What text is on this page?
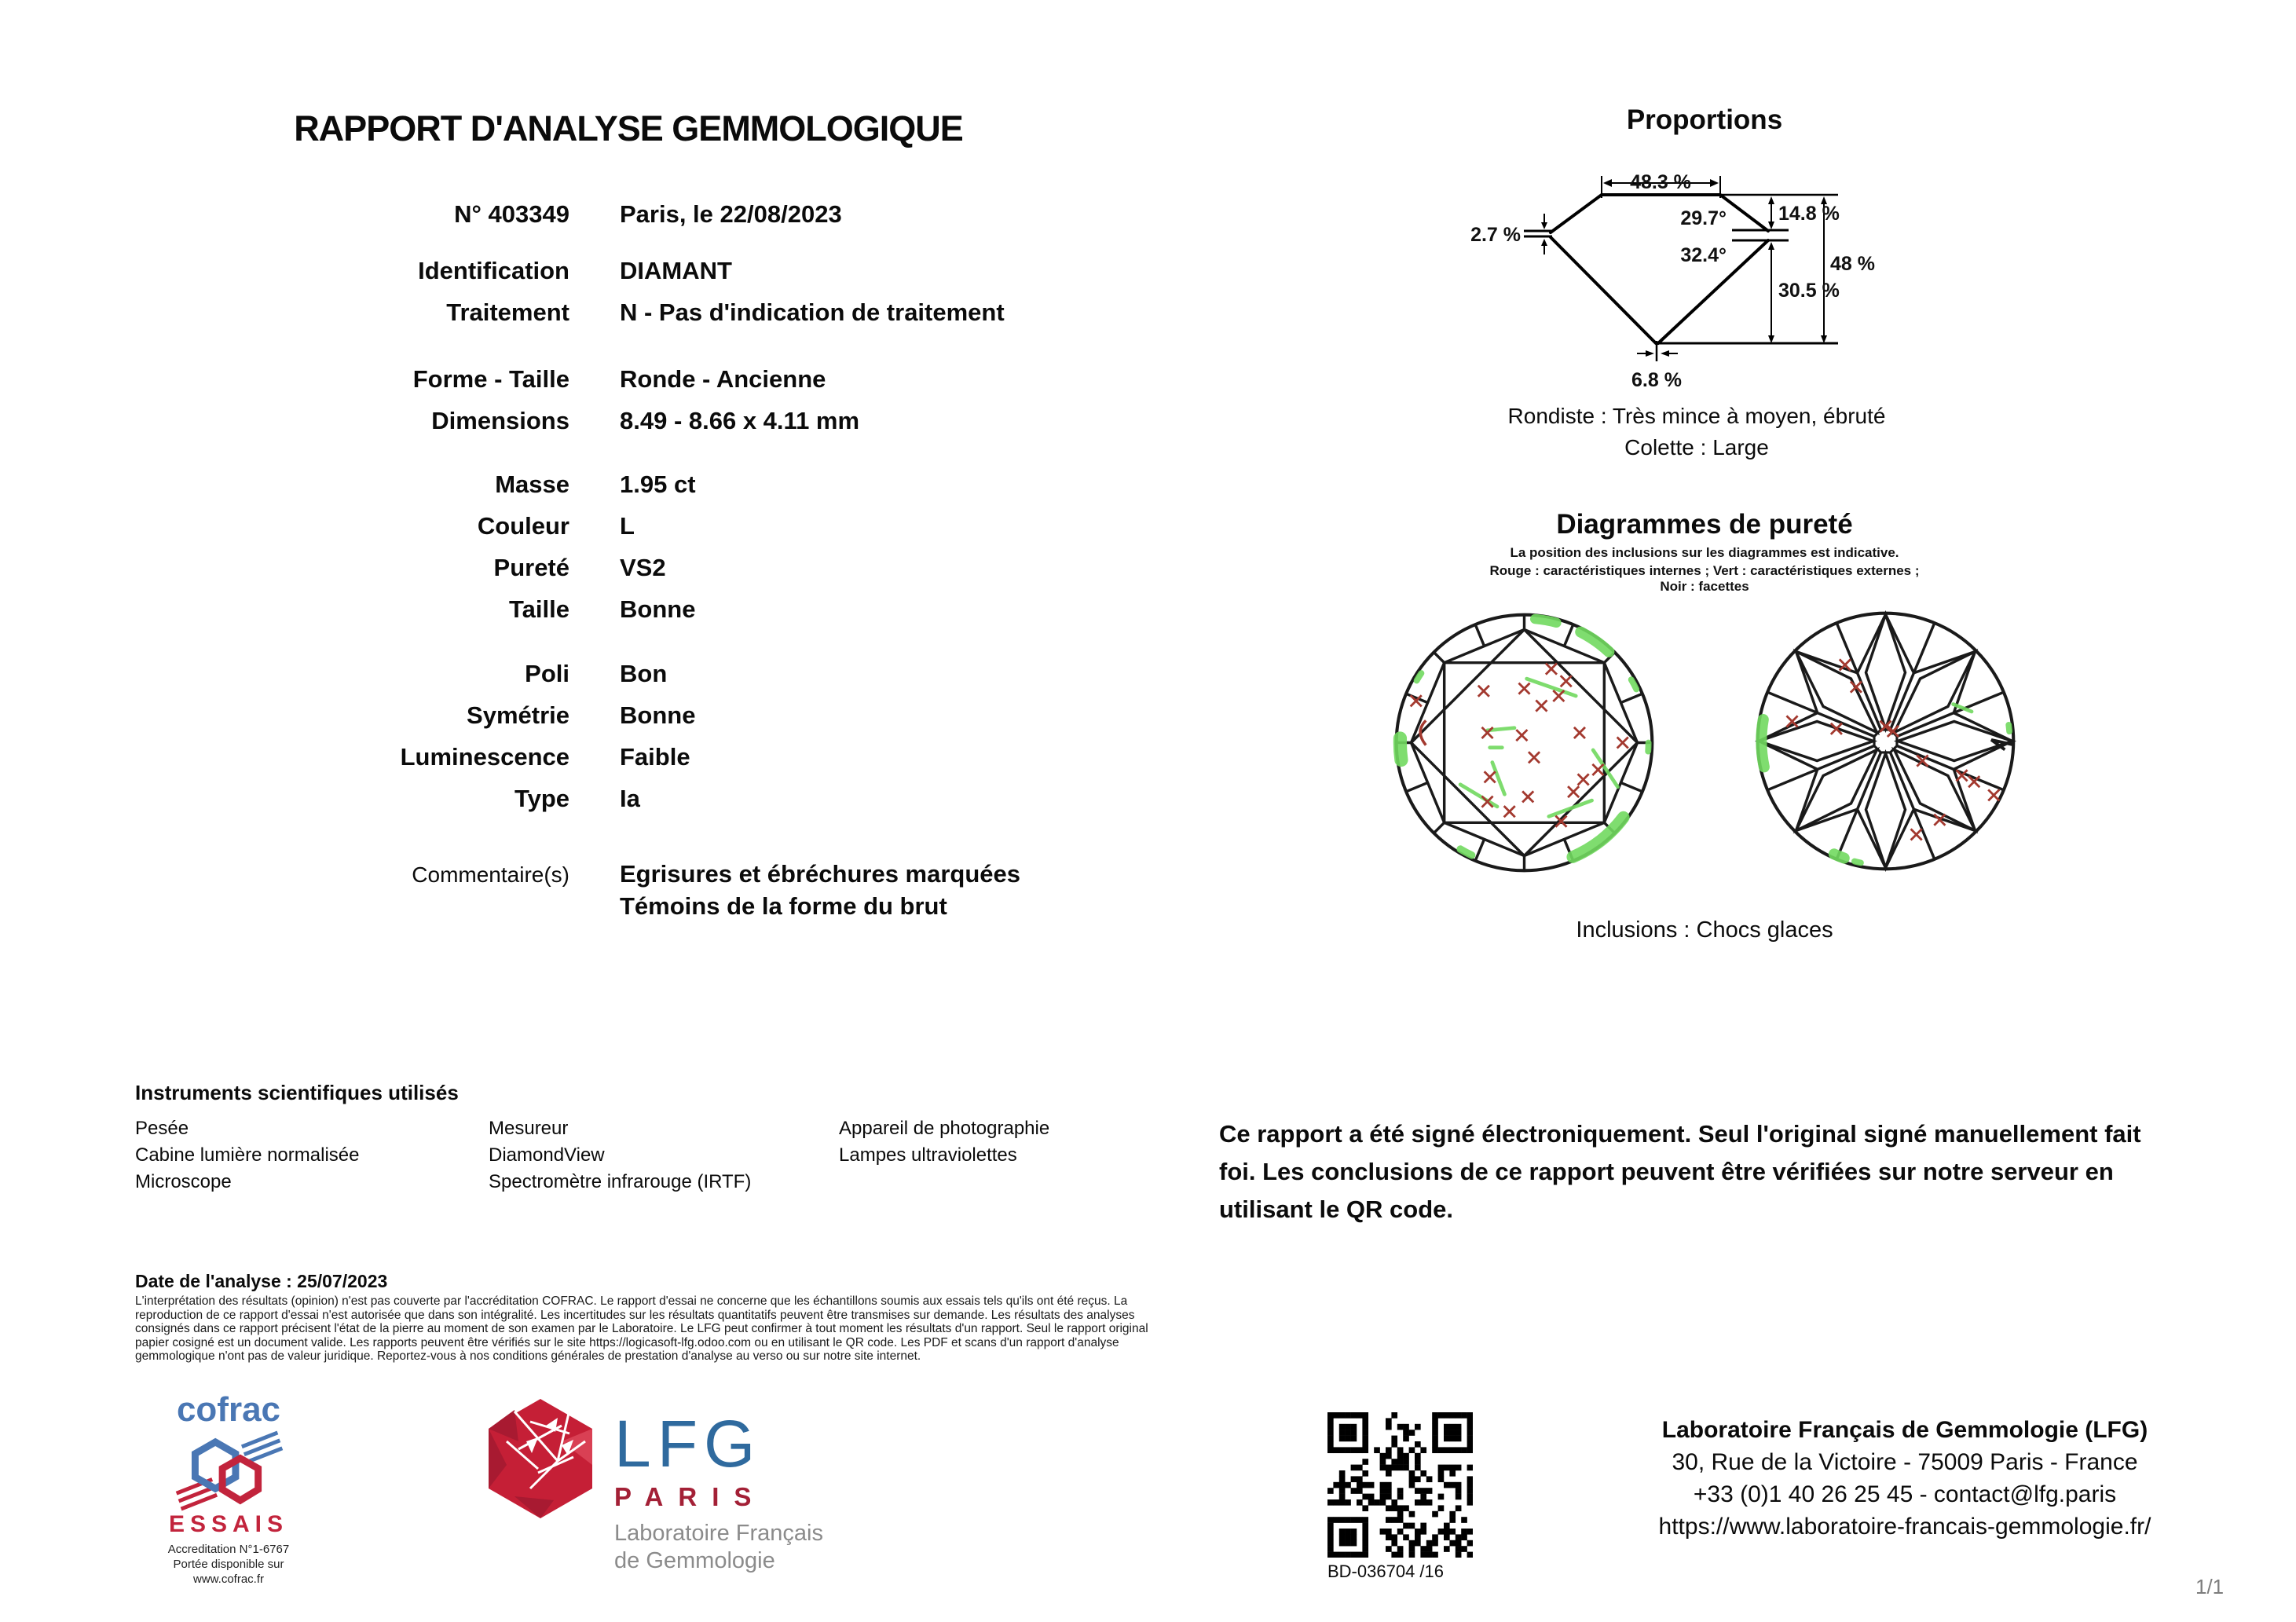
RAPPORT D'ANALYSE GEMMOLOGIQUE
N° 403349 Paris, le 22/08/2023
Identification DIAMANT
Traitement N - Pas d'indication de traitement
Forme - Taille Ronde - Ancienne
Dimensions 8.49 - 8.66 x 4.11 mm
Masse 1.95 ct
Couleur L
Pureté VS2
Taille Bonne
Poli Bon
Symétrie Bonne
Luminescence Faible
Type Ia
Commentaire(s) Egrisures et ébréchures marquées
Témoins de la forme du brut
Proportions
48.3 %
2.7 %
29.7°
32.4°
14.8 %
30.5 %
48 %
6.8 %
Rondiste : Très mince à moyen, ébruté
Colette : Large
Diagrammes de pureté
La position des inclusions sur les diagrammes est indicative.
Rouge : caractéristiques internes ; Vert : caractéristiques externes ; Noir : facettes
Inclusions : Chocs glaces
Instruments scientifiques utilisés
Pesée
Cabine lumière normalisée
Microscope
Mesureur
DiamondView
Spectromètre infrarouge (IRTF)
Appareil de photographie
Lampes ultraviolettes
Ce rapport a été signé électroniquement. Seul l'original signé manuellement fait foi. Les conclusions de ce rapport peuvent être vérifiées sur notre serveur en utilisant le QR code.
Date de l'analyse : 25/07/2023
L'interprétation des résultats (opinion) n'est pas couverte par l'accréditation COFRAC. Le rapport d'essai ne concerne que les échantillons soumis aux essais tels qu'ils ont été reçus. La reproduction de ce rapport d'essai n'est autorisée que dans son intégralité. Les incertitudes sur les résultats quantitatifs peuvent être transmises sur demande. Les résultats des analyses consignés dans ce rapport précisent l'état de la pierre au moment de son examen par le Laboratoire. Le LFG peut confirmer à tout moment les résultats d'un rapport. Seul le rapport original papier cosigné est un document valide. Les rapports peuvent être vérifiés sur le site https://logicasoft-lfg.odoo.com ou en utilisant le QR code. Les PDF et scans d'un rapport d'analyse gemmologique n'ont pas de valeur juridique. Reportez-vous à nos conditions générales de prestation d'analyse au verso ou sur notre site internet.
cofrac
ESSAIS
Accreditation N°1-6767
Portée disponible sur
www.cofrac.fr
LFG
PARIS
Laboratoire Français
de Gemmologie	BD-036704 /16
Laboratoire Français de Gemmologie (LFG)
30, Rue de la Victoire - 75009 Paris - France
+33 (0)1 40 26 25 45 - contact@lfg.paris
https://www.laboratoire-francais-gemmologie.fr/
1/1
